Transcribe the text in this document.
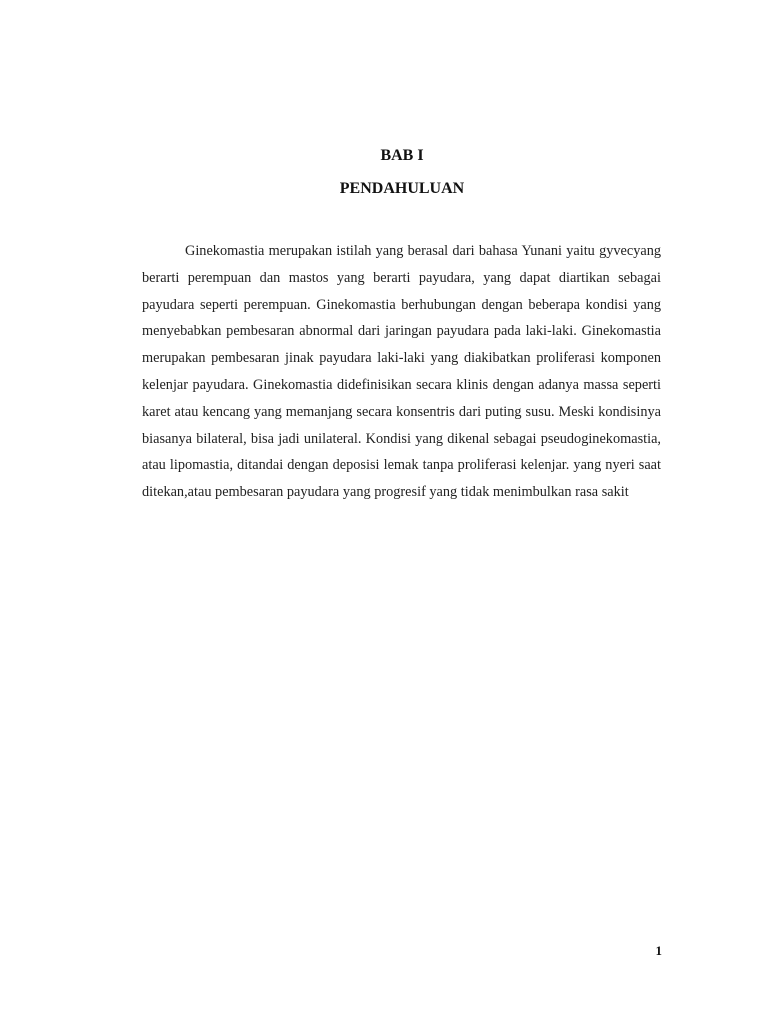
BAB I
PENDAHULUAN

Ginekomastia merupakan istilah yang berasal dari bahasa Yunani yaitu gyvecyang berarti perempuan dan mastos yang berarti payudara, yang dapat diartikan sebagai payudara seperti perempuan. Ginekomastia berhubungan dengan beberapa kondisi yang menyebabkan pembesaran abnormal dari jaringan payudara pada laki-laki. Ginekomastia merupakan pembesaran jinak payudara laki-laki yang diakibatkan proliferasi komponen kelenjar payudara. Ginekomastia didefinisikan secara klinis dengan adanya massa seperti karet atau kencang yang memanjang secara konsentris dari puting susu. Meski kondisinya biasanya bilateral, bisa jadi unilateral. Kondisi yang dikenal sebagai pseudoginekomastia, atau lipomastia, ditandai dengan deposisi lemak tanpa proliferasi kelenjar. yang nyeri saat ditekan,atau pembesaran payudara yang progresif yang tidak menimbulkan rasa sakit

1
